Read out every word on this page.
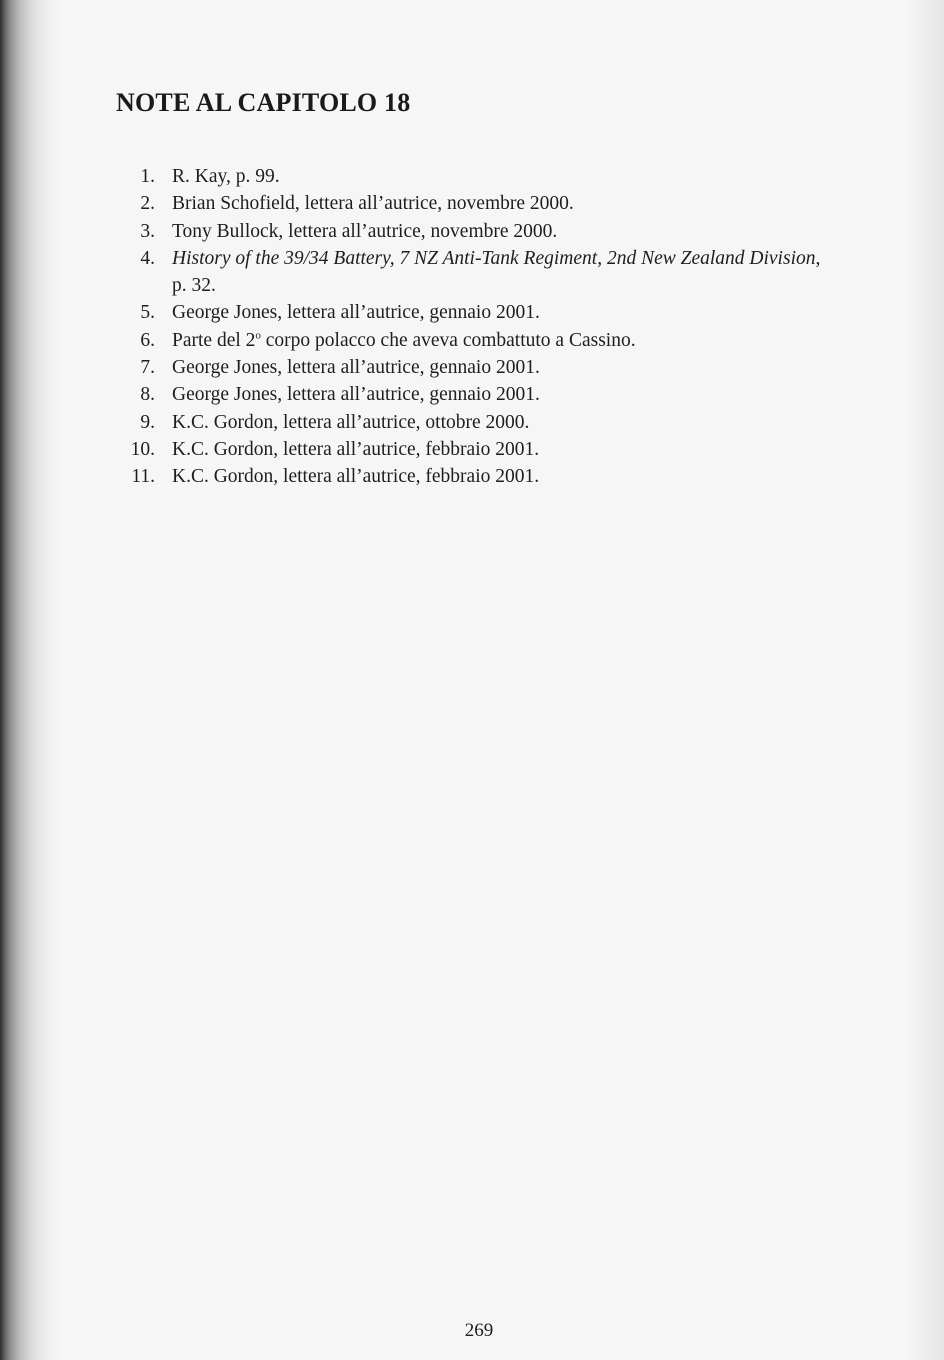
NOTE AL CAPITOLO 18
1. R. Kay, p. 99.
2. Brian Schofield, lettera all’autrice, novembre 2000.
3. Tony Bullock, lettera all’autrice, novembre 2000.
4. History of the 39/34 Battery, 7 NZ Anti-Tank Regiment, 2nd New Zealand Division, p. 32.
5. George Jones, lettera all’autrice, gennaio 2001.
6. Parte del 2$^o$ corpo polacco che aveva combattuto a Cassino.
7. George Jones, lettera all’autrice, gennaio 2001.
8. George Jones, lettera all’autrice, gennaio 2001.
9. K.C. Gordon, lettera all’autrice, ottobre 2000.
10. K.C. Gordon, lettera all’autrice, febbraio 2001.
11. K.C. Gordon, lettera all’autrice, febbraio 2001.

269
